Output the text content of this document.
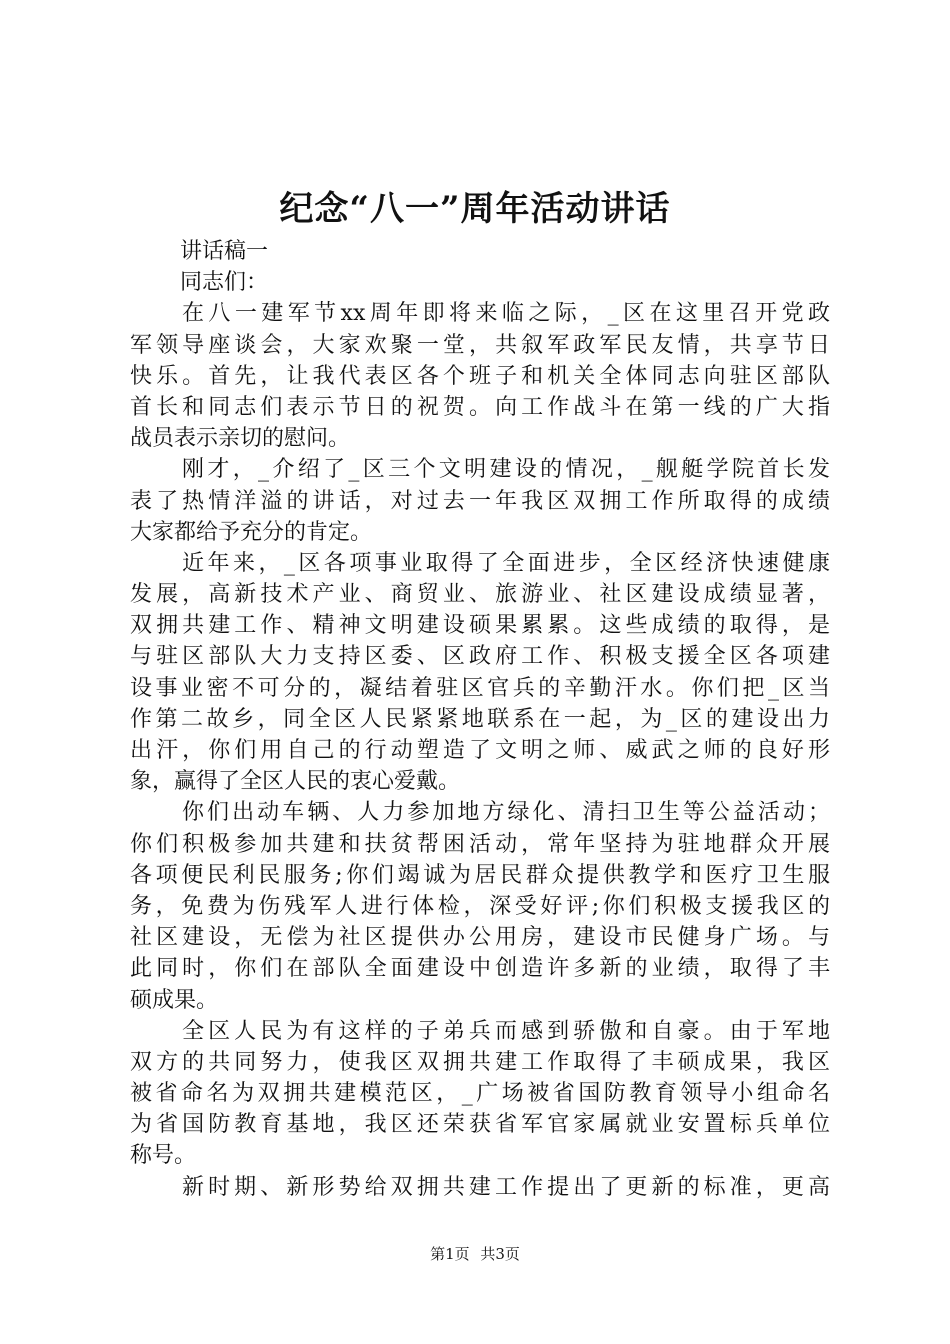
纪念“八一”周年活动讲话
讲话稿一
同志们：
在八一建军节xx周年即将来临之际，_区在这里召开党政
军领导座谈会，大家欢聚一堂，共叙军政军民友情，共享节日
快乐。首先，让我代表区各个班子和机关全体同志向驻区部队
首长和同志们表示节日的祝贺。向工作战斗在第一线的广大指
战员表示亲切的慰问。
刚才，_介绍了_区三个文明建设的情况，_舰艇学院首长发
表了热情洋溢的讲话，对过去一年我区双拥工作所取得的成绩
大家都给予充分的肯定。
近年来，_区各项事业取得了全面进步，全区经济快速健康
发展，高新技术产业、商贸业、旅游业、社区建设成绩显著，
双拥共建工作、精神文明建设硕果累累。这些成绩的取得，是
与驻区部队大力支持区委、区政府工作、积极支援全区各项建
设事业密不可分的，凝结着驻区官兵的辛勤汗水。你们把_区当
作第二故乡，同全区人民紧紧地联系在一起，为_区的建设出力
出汗，你们用自己的行动塑造了文明之师、威武之师的良好形
象，赢得了全区人民的衷心爱戴。
你们出动车辆、人力参加地方绿化、清扫卫生等公益活动；
你们积极参加共建和扶贫帮困活动，常年坚持为驻地群众开展
各项便民利民服务;你们竭诚为居民群众提供教学和医疗卫生服
务，免费为伤残军人进行体检，深受好评;你们积极支援我区的
社区建设，无偿为社区提供办公用房，建设市民健身广场。与
此同时，你们在部队全面建设中创造许多新的业绩，取得了丰
硕成果。
全区人民为有这样的子弟兵而感到骄傲和自豪。由于军地
双方的共同努力，使我区双拥共建工作取得了丰硕成果，我区
被省命名为双拥共建模范区，_广场被省国防教育领导小组命名
为省国防教育基地，我区还荣获省军官家属就业安置标兵单位
称号。
新时期、新形势给双拥共建工作提出了更新的标准，更高
第1页 共3页
